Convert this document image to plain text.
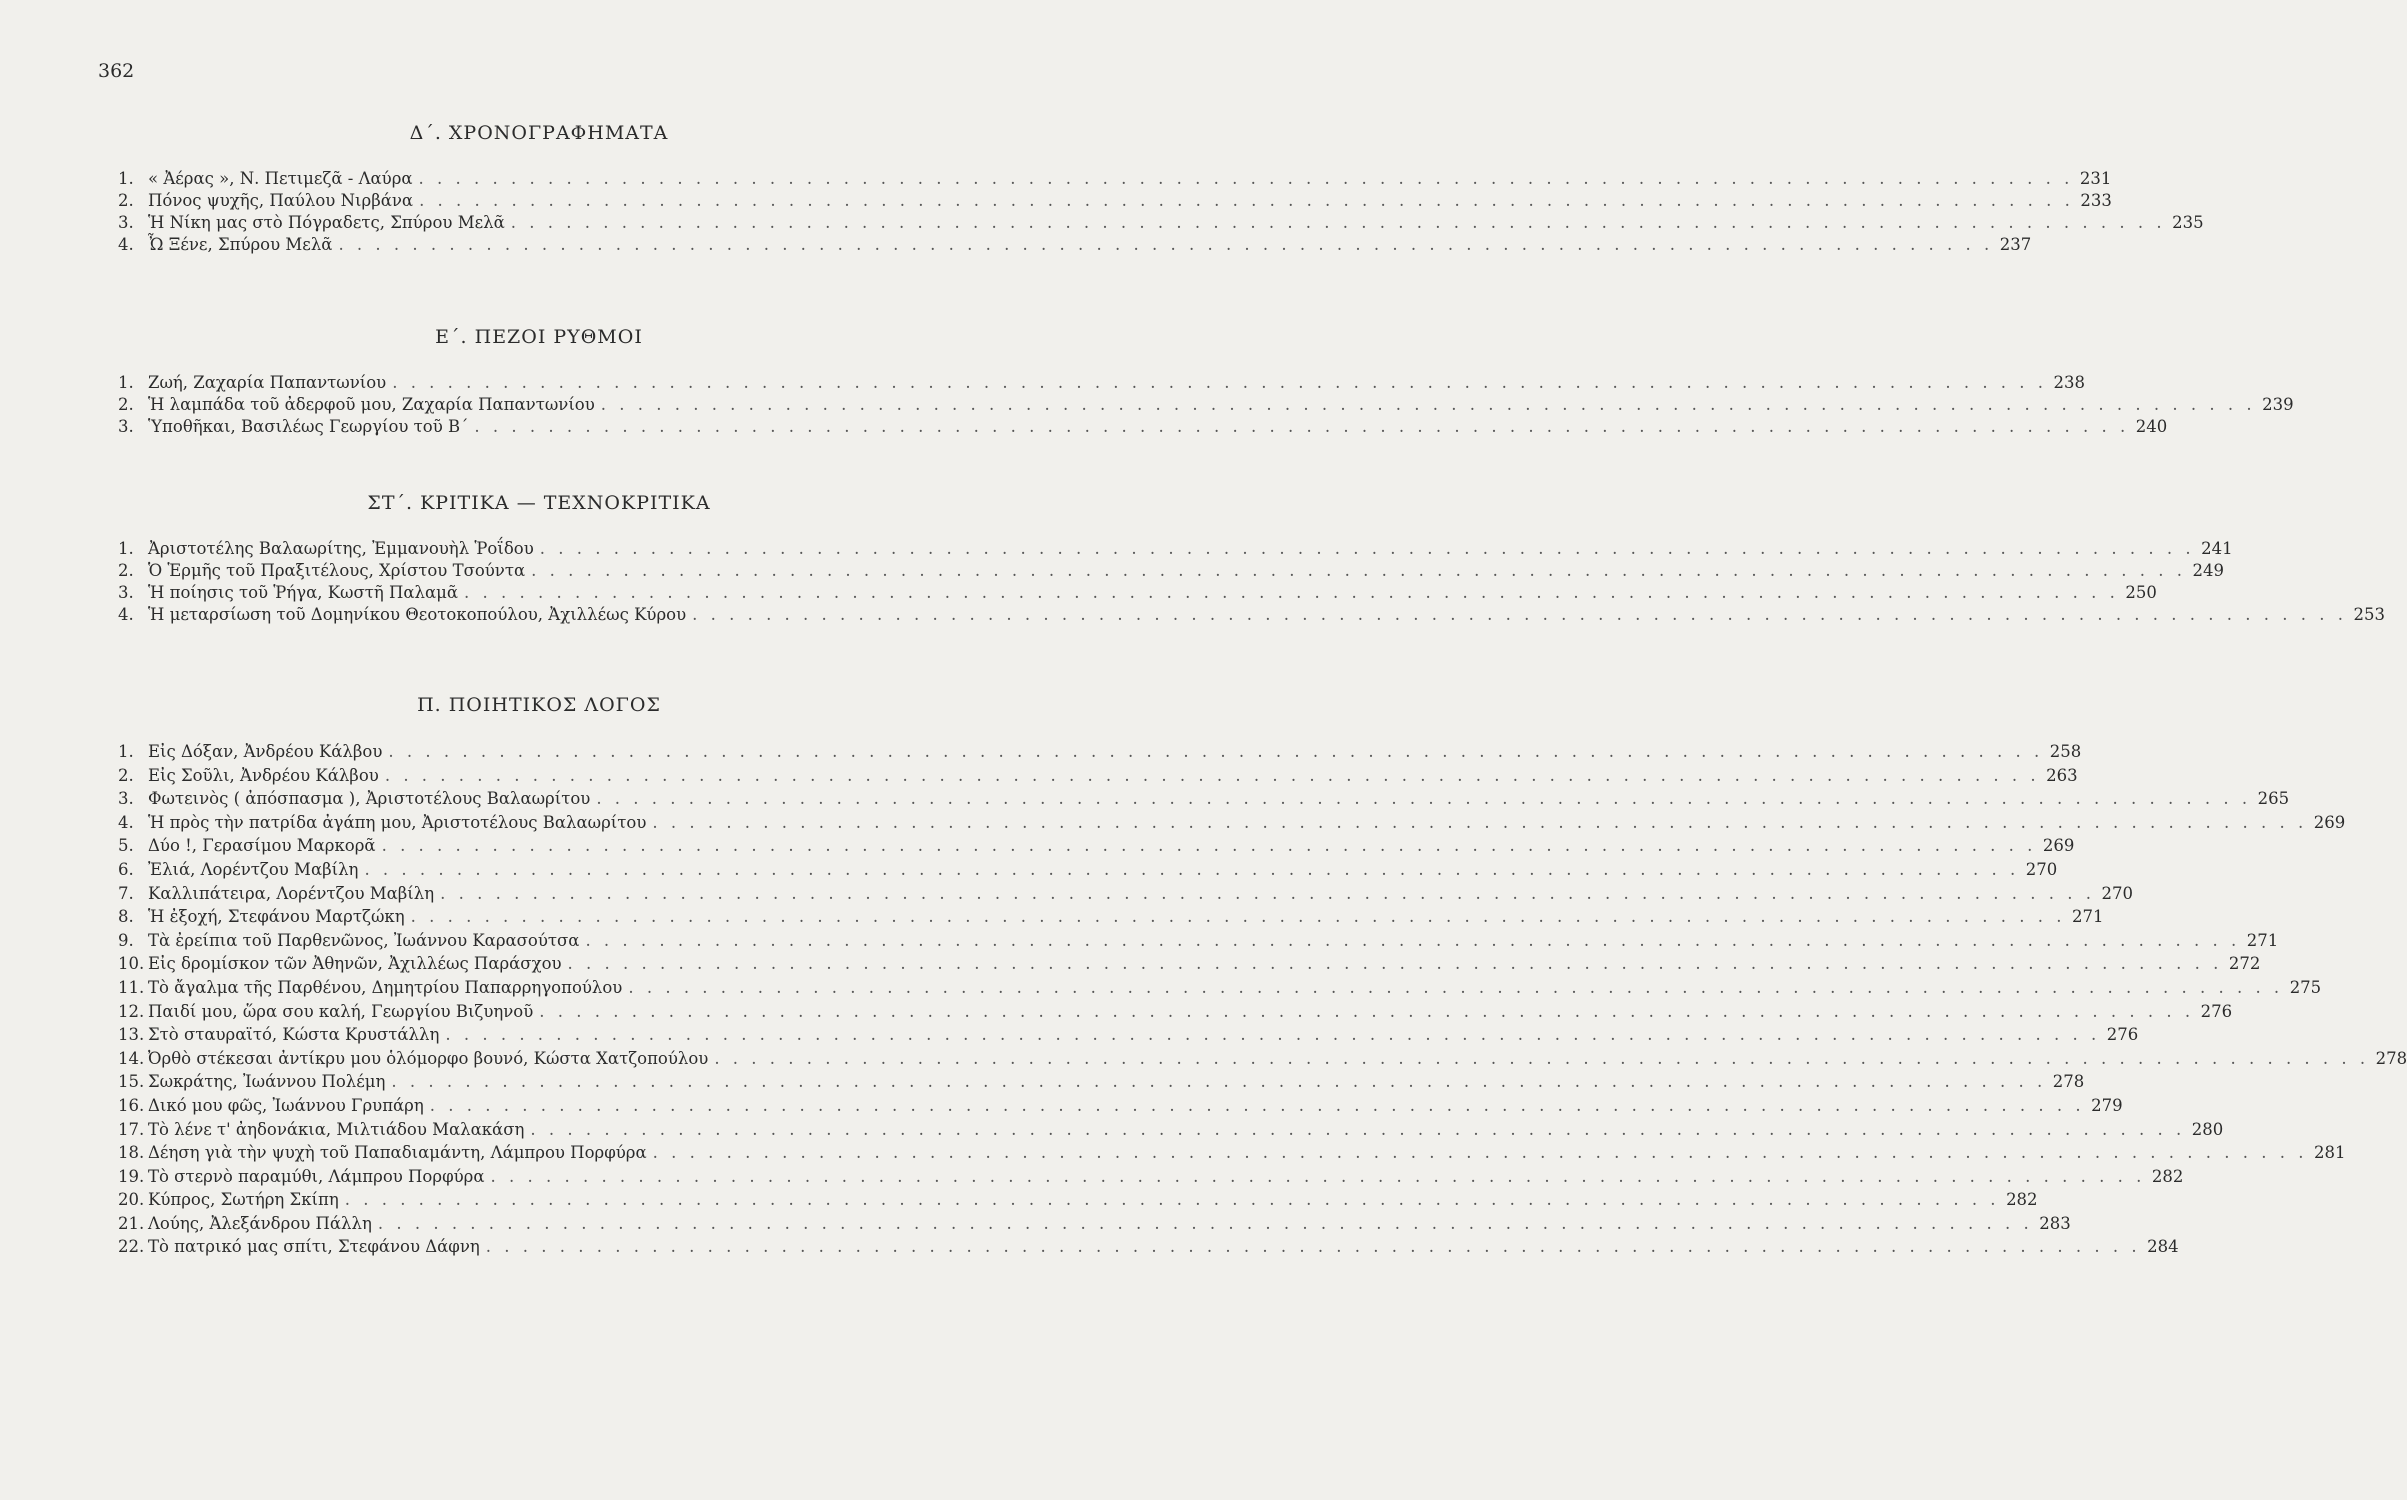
362
Δ΄. ΧΡΟΝΟΓΡΑΦΗΜΑΤΑ
1. « Ἀέρας », Ν. Πετιμεζᾶ - Λαύρα . . .	231
2. Πόνος ψυχῆς, Παύλου Νιρβάνα . . .	233
3. Ἡ Νίκη μας στὸ Πόγραδετς, Σπύρου Μελᾶ . . .	235
4. Ὦ Ξένε, Σπύρου Μελᾶ . . .	237
Ε΄. ΠΕΖΟΙ ΡΥΘΜΟΙ
1. Ζωή, Ζαχαρία Παπαντωνίου . . .	238
2. Ἡ λαμπάδα τοῦ ἀδερφοῦ μου, Ζαχαρία Παπαντωνίου . . .	239
3. Ὑποθῆκαι, Βασιλέως Γεωργίου τοῦ Β΄ . . .	240
ΣΤ΄. ΚΡΙΤΙΚΑ — ΤΕΧΝΟΚΡΙΤΙΚΑ
1. Ἀριστοτέλης Βαλαωρίτης, Ἐμμανουὴλ Ῥοΐδου . . .	241
2. Ὁ Ἑρμῆς τοῦ Πραξιτέλους, Χρίστου Τσούντα . . .	249
3. Ἡ ποίησις τοῦ Ῥήγα, Κωστῆ Παλαμᾶ . . .	250
4. Ἡ μεταρσίωση τοῦ Δομηνίκου Θεοτοκοπούλου, Ἀχιλλέως Κύρου . . .	253
Π. ΠΟΙΗΤΙΚΟΣ ΛΟΓΟΣ
1. Εἰς Δόξαν, Ἀνδρέου Κάλβου . . .	258
2. Εἰς Σοῦλι, Ἀνδρέου Κάλβου . . .	263
3. Φωτεινὸς ( ἀπόσπασμα ), Ἀριστοτέλους Βαλαωρίτου . . .	265
4. Ἡ πρὸς τὴν πατρίδα ἀγάπη μου, Ἀριστοτέλους Βαλαωρίτου . . .	269
5. Δύο !, Γερασίμου Μαρκορᾶ . . .	269
6. Ἐλιά, Λορέντζου Μαβίλη . . .	270
7. Καλλιπάτειρα, Λορέντζου Μαβίλη . . .	270
8. Ἡ ἐξοχή, Στεφάνου Μαρτζώκη . . .	271
9. Τὰ ἐρείπια τοῦ Παρθενῶνος, Ἰωάννου Καρασούτσα . . .	271
10. Εἰς δρομίσκον τῶν Ἀθηνῶν, Ἀχιλλέως Παράσχου . . .	272
11. Τὸ ἄγαλμα τῆς Παρθένου, Δημητρίου Παπαρρηγοπούλου . . .	275
12. Παιδί μου, ὥρα σου καλή, Γεωργίου Βιζυηνοῦ . . .	276
13. Στὸ σταυραϊτό, Κώστα Κρυστάλλη . . .	276
14. Ὀρθὸ στέκεσαι ἀντίκρυ μου ὁλόμορφο βουνό, Κώστα Χατζοπούλου . . .	278
15. Σωκράτης, Ἰωάννου Πολέμη . . .	278
16. Δικό μου φῶς, Ἰωάννου Γρυπάρη . . .	279
17. Τὸ λένε τ' ἀηδονάκια, Μιλτιάδου Μαλακάση . . .	280
18. Δέηση γιὰ τὴν ψυχὴ τοῦ Παπαδιαμάντη, Λάμπρου Πορφύρα . . .	281
19. Τὸ στερνὸ παραμύθι, Λάμπρου Πορφύρα . . .	282
20. Κύπρος, Σωτήρη Σκίπη . . .	282
21. Λούης, Ἀλεξάνδρου Πάλλη . . .	283
22. Τὸ πατρικό μας σπίτι, Στεφάνου Δάφνη . . .	284
